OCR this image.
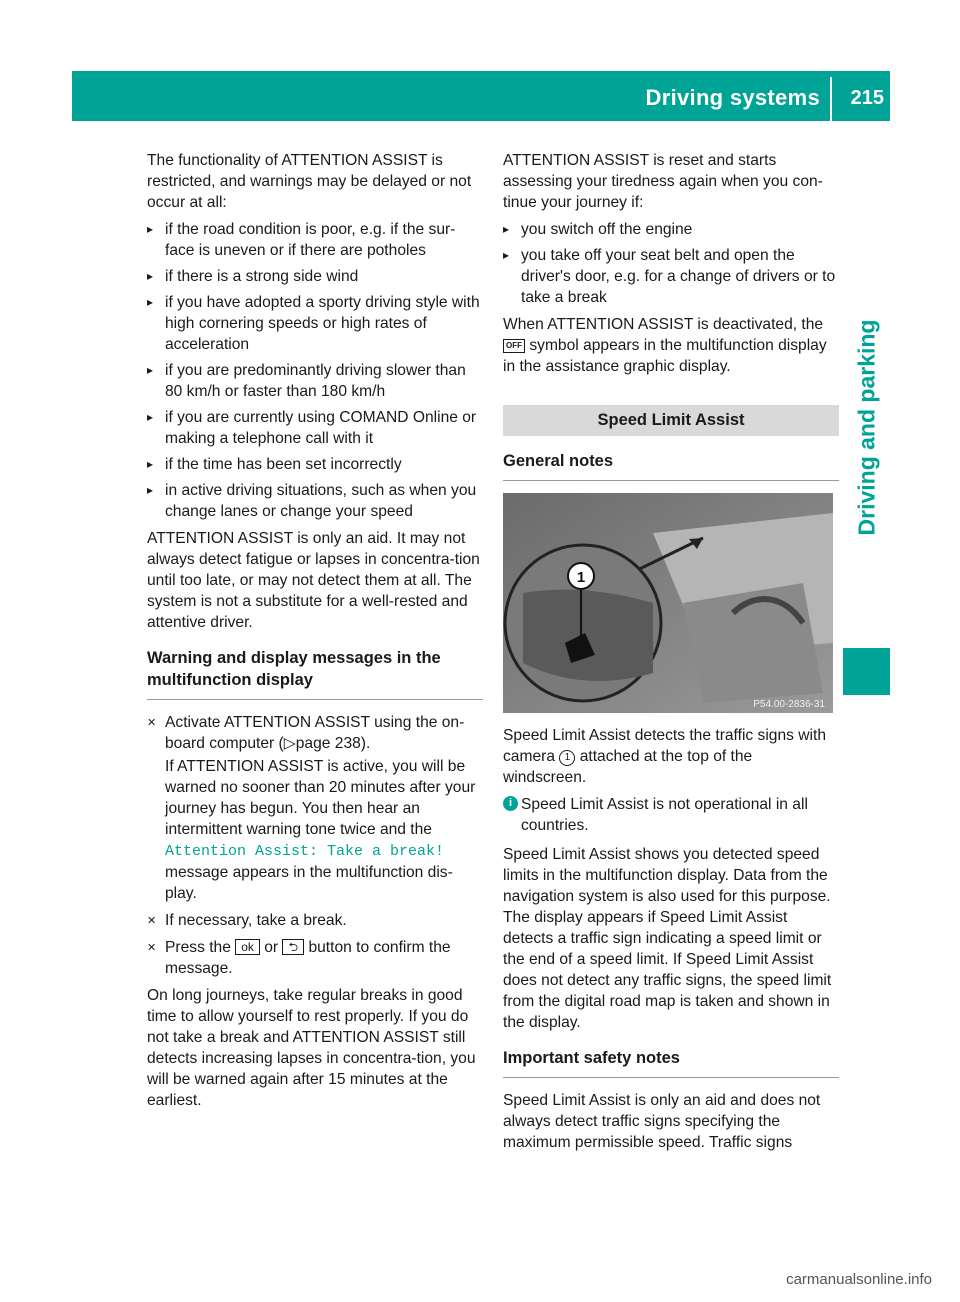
Driving systems 215
Driving and parking

The functionality of ATTENTION ASSIST is restricted, and warnings may be delayed or not occur at all:

▸ if the road condition is poor, e.g. if the sur-face is uneven or if there are potholes
▸ if there is a strong side wind
▸ if you have adopted a sporty driving style with high cornering speeds or high rates of acceleration
▸ if you are predominantly driving slower than 80 km/h or faster than 180 km/h
▸ if you are currently using COMAND Online or making a telephone call with it
▸ if the time has been set incorrectly
▸ in active driving situations, such as when you change lanes or change your speed

ATTENTION ASSIST is only an aid. It may not always detect fatigue or lapses in concentra-tion until too late, or may not detect them at all. The system is not a substitute for a well-rested and attentive driver.

Warning and display messages in the multifunction display
✕ Activate ATTENTION ASSIST using the on-board computer (▷page 238).

If ATTENTION ASSIST is active, you will be warned no sooner than 20 minutes after your journey has begun. You then hear an intermittent warning tone twice and the Attention Assist: Take a break! message appears in the multifunction dis-play.

✕ If necessary, take a break.
✕ Press the ok or ⮌ button to confirm the message.

On long journeys, take regular breaks in good time to allow yourself to rest properly. If you do not take a break and ATTENTION ASSIST still detects increasing lapses in concentra-tion, you will be warned again after 15 minutes at the earliest.

ATTENTION ASSIST is reset and starts assessing your tiredness again when you con-tinue your journey if:

▸ you switch off the engine
▸ you take off your seat belt and open the driver's door, e.g. for a change of drivers or to take a break

When ATTENTION ASSIST is deactivated, the OFF symbol appears in the multifunction display in the assistance graphic display.

Speed Limit Assist
General notes
1
P54.00-2836-31

Speed Limit Assist detects the traffic signs with camera 1 attached at the top of the windscreen.

i Speed Limit Assist is not operational in all countries.

Speed Limit Assist shows you detected speed limits in the multifunction display. Data from the navigation system is also used for this purpose. The display appears if Speed Limit Assist detects a traffic sign indicating a speed limit or the end of a speed limit. If Speed Limit Assist does not detect any traffic signs, the speed limit from the digital road map is taken and shown in the display.

Important safety notes

Speed Limit Assist is only an aid and does not always detect traffic signs specifying the maximum permissible speed. Traffic signs

carmanualsonline.info
